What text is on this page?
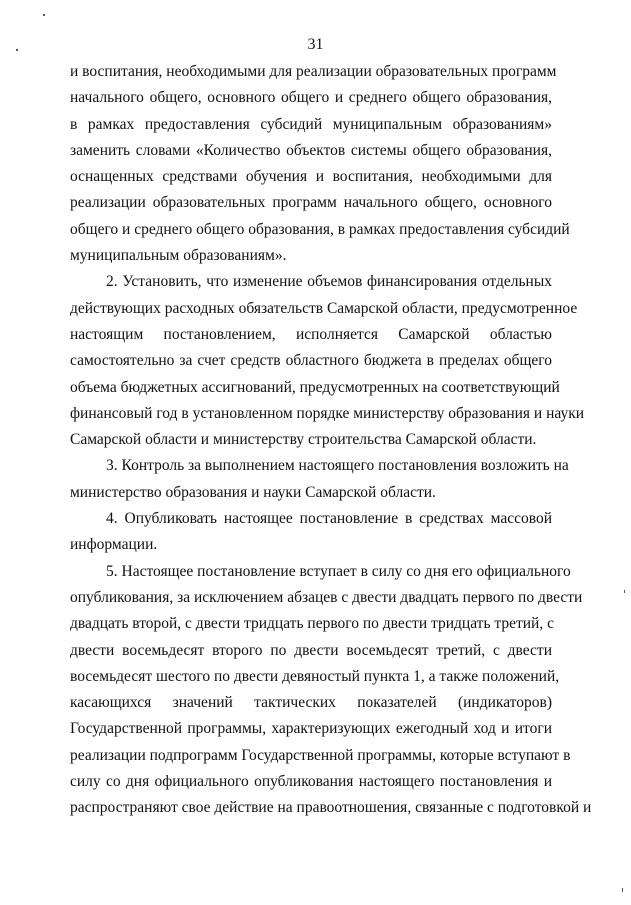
31

и воспитания, необходимыми для реализации образовательных программ
начального общего, основного общего и среднего общего образования,
в рамках предоставления субсидий муниципальным образованиям»
заменить словами «Количество объектов системы общего образования,
оснащенных средствами обучения и воспитания, необходимыми для
реализации образовательных программ начального общего, основного
общего и среднего общего образования, в рамках предоставления субсидий
муниципальным образованиям».

2. Установить, что изменение объемов финансирования отдельных
действующих расходных обязательств Самарской области, предусмотренное
настоящим постановлением, исполняется Самарской областью
самостоятельно за счет средств областного бюджета в пределах общего
объема бюджетных ассигнований, предусмотренных на соответствующий
финансовый год в установленном порядке министерству образования и науки
Самарской области и министерству строительства Самарской области.

3. Контроль за выполнением настоящего постановления возложить на
министерство образования и науки Самарской области.

4. Опубликовать настоящее постановление в средствах массовой
информации.

5. Настоящее постановление вступает в силу со дня его официального
опубликования, за исключением абзацев с двести двадцать первого по двести
двадцать второй, с двести тридцать первого по двести тридцать третий, с
двести восемьдесят второго по двести восемьдесят третий, с двести
восемьдесят шестого по двести девяностый пункта 1, а также положений,
касающихся значений тактических показателей (индикаторов)
Государственной программы, характеризующих ежегодный ход и итоги
реализации подпрограмм Государственной программы, которые вступают в
силу со дня официального опубликования настоящего постановления и
распространяют свое действие на правоотношения, связанные с подготовкой и
